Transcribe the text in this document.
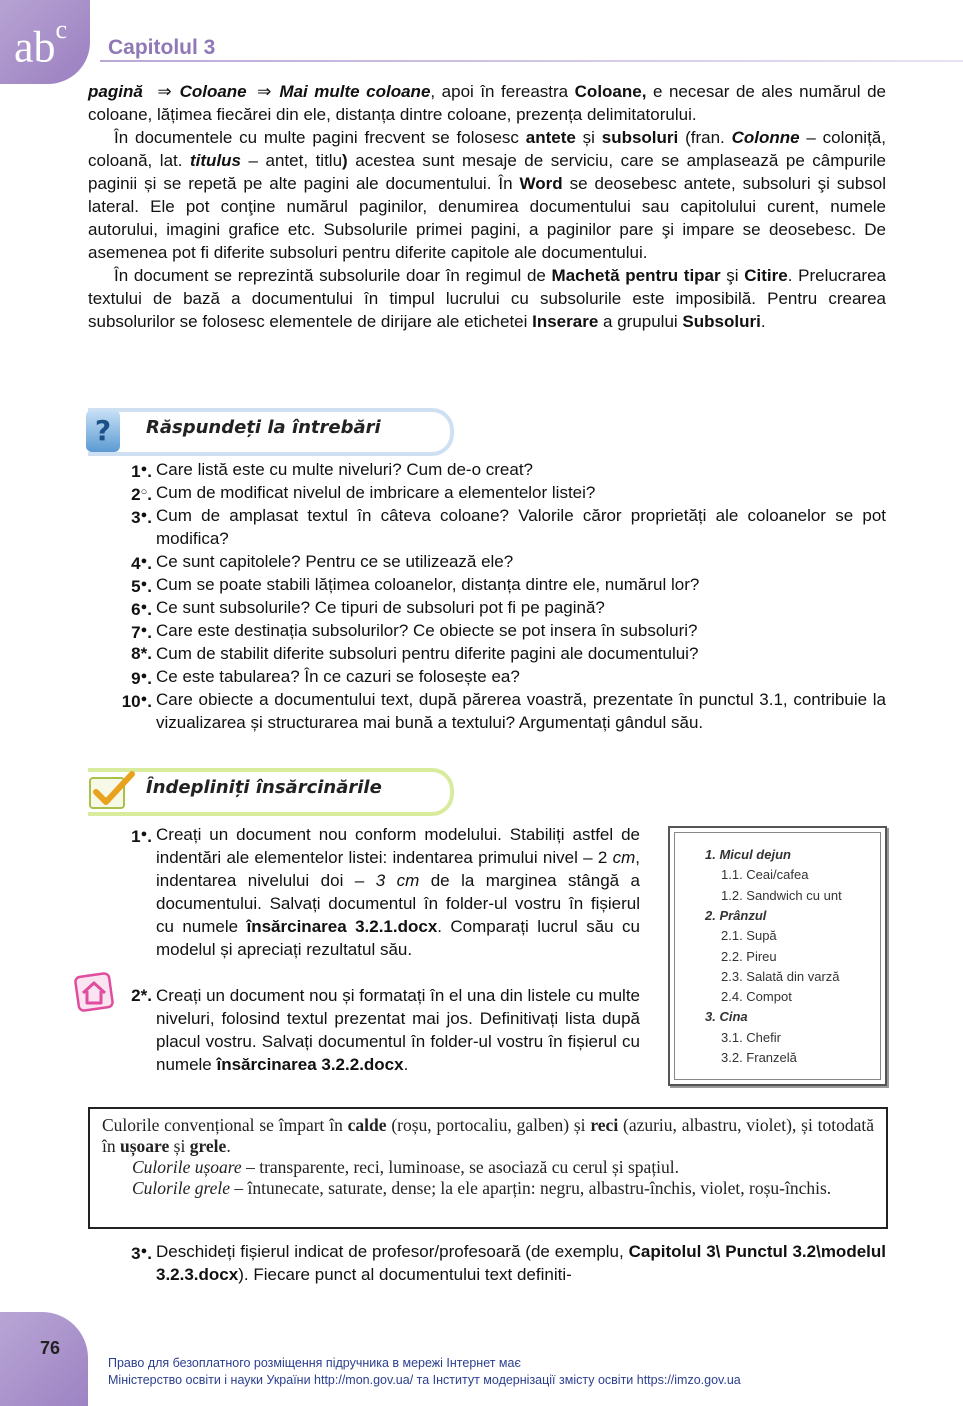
$ab^c$
Capitolul 3

pagină ⇒ Coloane ⇒ Mai multe coloane, apoi în fereastra Coloane, e necesar de ales numărul de coloane, lățimea fiecărei din ele, distanța dintre coloane, prezența delimitatorului.

În documentele cu multe pagini frecvent se folosesc antete și subsoluri (fran. Colonne – coloniță, coloană, lat. titulus – antet, titlu) acestea sunt mesaje de serviciu, care se amplasează pe câmpurile paginii și se repetă pe alte pagini ale documentului. În Word se deosebesc antete, subsoluri şi subsol lateral. Ele pot conţine numărul paginilor, denumirea documentului sau capitolului curent, numele autorului, imagini grafice etc. Subsolurile primei pagini, a paginilor pare şi impare se deosebesc. De asemenea pot fi diferite subsoluri pentru diferite capitole ale documentului.

În document se reprezintă subsolurile doar în regimul de Machetă pentru tipar şi Citire. Prelucrarea textului de bază a documentului în timpul lucrului cu subsolurile este imposibilă. Pentru crearea subsolurilor se folosesc elementele de dirijare ale etichetei Inserare a grupului Subsoluri.

?	Răspundeți la întrebări
1●. Care listă este cu multe niveluri? Cum de-o creat?
2○. Cum de modificat nivelul de imbricare a elementelor listei?
3●. Cum de amplasat textul în câteva coloane? Valorile căror proprietăți ale coloanelor se pot modifica?
4●. Ce sunt capitolele? Pentru ce se utilizează ele?
5●. Cum se poate stabili lățimea coloanelor, distanța dintre ele, numărul lor?
6●. Ce sunt subsolurile? Ce tipuri de subsoluri pot fi pe pagină?
7●. Care este destinația subsolurilor? Ce obiecte se pot insera în subsoluri?
8*. Cum de stabilit diferite subsoluri pentru diferite pagini ale documentului?
9●. Ce este tabularea? În ce cazuri se folosește ea?
10●. Care obiecte a documentului text, după părerea voastră, prezentate în punctul 3.1, contribuie la vizualizarea și structurarea mai bună a textului? Argumentați gândul său.
Îndepliniți însărcinările
1●. Creați un document nou conform modelului. Stabiliți astfel de indentări ale elementelor listei: indentarea primului nivel – 2 cm, indentarea nivelului doi – 3 cm de la marginea stângă a documentului. Salvați documentul în folder-ul vostru în fișierul cu numele însărcinarea 3.2.1.docx. Comparați lucrul său cu modelul și apreciați rezultatul său.
2*. Creați un document nou și formatați în el una din listele cu multe niveluri, folosind textul prezentat mai jos. Definitivați lista după placul vostru. Salvați documentul în folder-ul vostru în fișierul cu numele însărcinarea 3.2.2.docx.
1. Micul dejun
1.1. Ceai/cafea
1.2. Sandwich cu unt
2. Prânzul
2.1. Supă
2.2. Pireu
2.3. Salată din varză
2.4. Compot
3. Cina
3.1. Chefir
3.2. Franzelă

Culorile convențional se împart în calde (roșu, portocaliu, galben) și reci (azuriu, albastru, violet), și totodată în ușoare și grele.

Culorile ușoare – transparente, reci, luminoase, se asociază cu cerul și spațiul.

Culorile grele – întunecate, saturate, dense; la ele aparțin: negru, albastru-închis, violet, roșu-închis.

3●. Deschideți fișierul indicat de profesor/profesoară (de exemplu, Capitolul 3\ Punctul 3.2\modelul 3.2.3.docx). Fiecare punct al documentului text definiti-
76
Право для безоплатного розміщення підручника в мережі Інтернет має
Міністерство освіти і науки України http://mon.gov.ua/ та Інститут модернізації змісту освіти https://imzo.gov.ua
